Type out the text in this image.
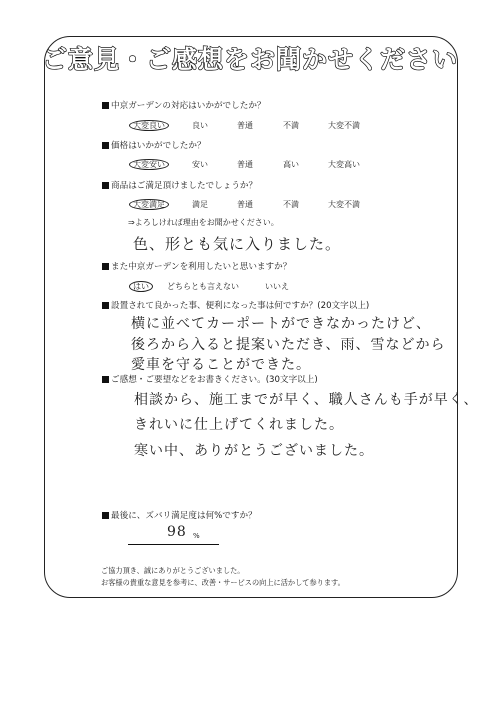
ご意見・ご感想をお聞かせください
中京ガーデンの対応はいかがでしたか？
大変良い	良い	普通	不満	大変不満
価格はいかがでしたか？
大変安い	安い	普通	高い	大変高い
商品はご満足頂けましたでしょうか？
大変満足	満足	普通	不満	大変不満
⇒よろしければ理由をお聞かせください。
色、形とも気に入りました。
また中京ガーデンを利用したいと思いますか？
はい	どちらとも言えない	いいえ
設置されて良かった事、便利になった事は何ですか？(20文字以上)
横に並べてカーポートができなかったけど、
後ろから入ると提案いただき、雨、雪などから
愛車を守ることができた。
ご感想・ご要望などをお書きください。(30文字以上)
相談から、施工までが早く、職人さんも手が早く、
きれいに仕上げてくれました。
寒い中、ありがとうございました。
最後に、ズバリ満足度は何%ですか？
98 %
ご協力頂き、誠にありがとうございました。
お客様の貴重な意見を参考に、改善・サービスの向上に活かして参ります。
